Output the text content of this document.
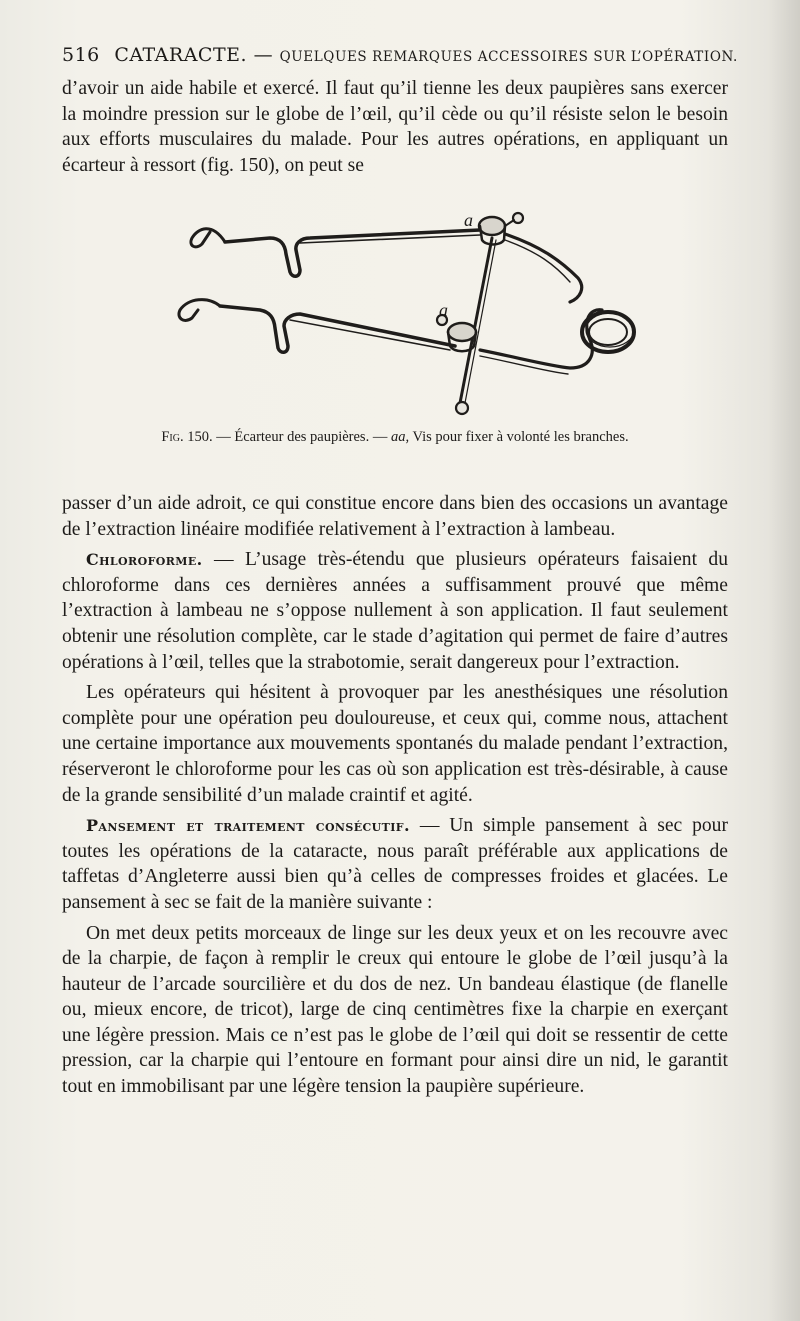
516 CATARACTE. — QUELQUES REMARQUES ACCESSOIRES SUR L’OPÉRATION.

d’avoir un aide habile et exercé. Il faut qu’il tienne les deux paupières sans exercer la moindre pression sur le globe de l’œil, qu’il cède ou qu’il résiste selon le besoin aux efforts musculaires du malade. Pour les autres opérations, en appliquant un écarteur à ressort (fig. 150), on peut se

a
a
Fig. 150. — Écarteur des paupières. — aa, Vis pour fixer à volonté les branches.

passer d’un aide adroit, ce qui constitue encore dans bien des occasions un avantage de l’extraction linéaire modifiée relativement à l’extraction à lambeau.

Chloroforme. — L’usage très-étendu que plusieurs opérateurs faisaient du chloroforme dans ces dernières années a suffisamment prouvé que même l’extraction à lambeau ne s’oppose nullement à son application. Il faut seulement obtenir une résolution complète, car le stade d’agitation qui permet de faire d’autres opérations à l’œil, telles que la strabotomie, serait dangereux pour l’extraction.

Les opérateurs qui hésitent à provoquer par les anesthésiques une résolution complète pour une opération peu douloureuse, et ceux qui, comme nous, attachent une certaine importance aux mouvements spontanés du malade pendant l’extraction, réserveront le chloroforme pour les cas où son application est très-désirable, à cause de la grande sensibilité d’un malade craintif et agité.

Pansement et traitement consécutif. — Un simple pansement à sec pour toutes les opérations de la cataracte, nous paraît préférable aux applications de taffetas d’Angleterre aussi bien qu’à celles de compresses froides et glacées. Le pansement à sec se fait de la manière suivante :

On met deux petits morceaux de linge sur les deux yeux et on les recouvre avec de la charpie, de façon à remplir le creux qui entoure le globe de l’œil jusqu’à la hauteur de l’arcade sourcilière et du dos de nez. Un bandeau élastique (de flanelle ou, mieux encore, de tricot), large de cinq centimètres fixe la charpie en exerçant une légère pression. Mais ce n’est pas le globe de l’œil qui doit se ressentir de cette pression, car la charpie qui l’entoure en formant pour ainsi dire un nid, le garantit tout en immobilisant par une légère tension la paupière supérieure.
